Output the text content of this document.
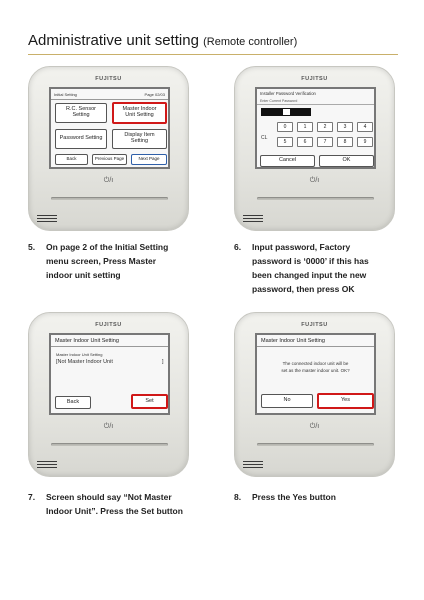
Administrative unit setting (Remote controller)
FUJITSU
Initial Setting	Page 02/03
R.C. Sensor
Setting
Master Indoor
Unit Setting
Password Setting	Display Item
Setting
Back	Previous Page	Next Page
⏻/ı
FUJITSU
Installer Password Verification
Enter Current Password
CL
0	1	2	3	4
5	6	7	8	9
Cancel	OK
⏻/ı
5.	On page 2 of the Initial Setting
menu screen, Press Master
indoor unit setting
6.	Input password, Factory
password is ‘0000’ if this has
been changed input the new
password, then press OK
FUJITSU
Master Indoor Unit Setting
Master Indoor Unit Setting
[Not Master Indoor Unit	]
Back	Set
⏻/ı
FUJITSU
Master Indoor Unit Setting
The connected indoor unit will be
set as the master indoor unit. OK?
No	Yes
⏻/ı
7.	Screen should say “Not Master
Indoor Unit”. Press the Set button
8.	Press the Yes button
